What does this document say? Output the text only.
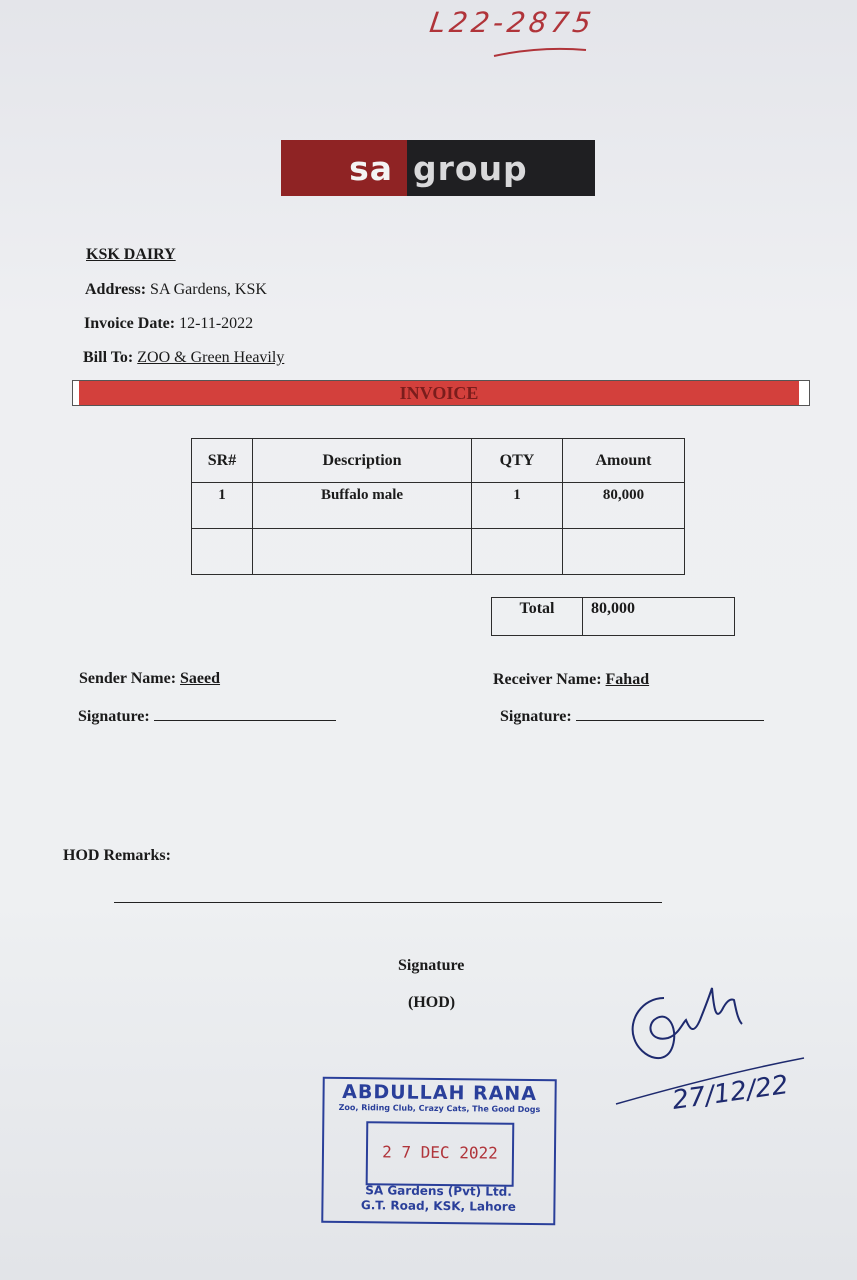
L22-2875
sa group
KSK DAIRY
Address: SA Gardens, KSK
Invoice Date: 12-11-2022
Bill To: ZOO & Green Heavily
INVOICE
SR#	Description	QTY	Amount
1	Buffalo male	1	80,000

Total	80,000
Sender Name: Saeed
Signature:
Receiver Name: Fahad
Signature:
HOD Remarks:
Signature
(HOD)
27/12/22
ABDULLAH RANA
Zoo, Riding Club, Crazy Cats, The Good Dogs
2 7 DEC 2022
SA Gardens (Pvt) Ltd.
G.T. Road, KSK, Lahore
